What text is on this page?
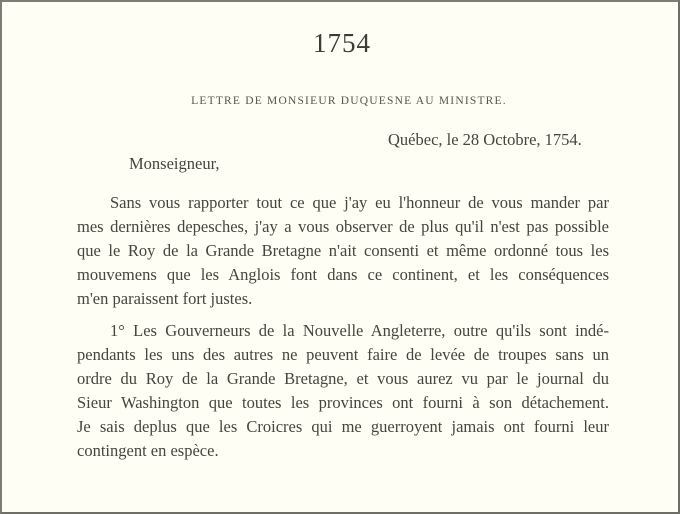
1754
LETTRE DE MONSIEUR DUQUESNE AU MINISTRE.
Québec, le 28 Octobre, 1754.
Monseigneur,
Sans vous rapporter tout ce que j'ay eu l'honneur de vous mander par
mes dernières depesches, j'ay a vous observer de plus qu'il n'est pas possible
que le Roy de la Grande Bretagne n'ait consenti et même ordonné tous les
mouvemens que les Anglois font dans ce continent, et les conséquences
m'en paraissent fort justes.
1° Les Gouverneurs de la Nouvelle Angleterre, outre qu'ils sont indé-
pendants les uns des autres ne peuvent faire de levée de troupes sans un
ordre du Roy de la Grande Bretagne, et vous aurez vu par le journal du
Sieur Washington que toutes les provinces ont fourni à son détachement.
Je sais deplus que les Croicres qui me guerroyent jamais ont fourni leur
contingent en espèce.
